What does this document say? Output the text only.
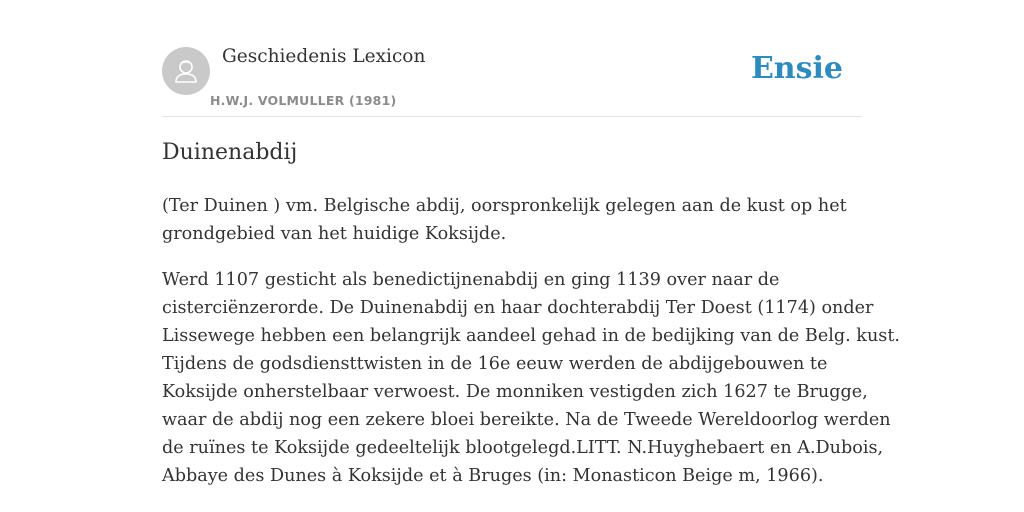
Geschiedenis Lexicon
H.W.J. VOLMULLER (1981)
Ensie
Duinenabdij

(Ter Duinen ) vm. Belgische abdij, oorspronkelijk gelegen aan de kust op het
grondgebied van het huidige Koksijde.

Werd 1107 gesticht als benedictijnenabdij en ging 1139 over naar de
cisterciënzerorde. De Duinenabdij en haar dochterabdij Ter Doest (1174) onder
Lissewege hebben een belangrijk aandeel gehad in de bedijking van de Belg. kust.
Tijdens de godsdiensttwisten in de 16e eeuw werden de abdijgebouwen te
Koksijde onherstelbaar verwoest. De monniken vestigden zich 1627 te Brugge,
waar de abdij nog een zekere bloei bereikte. Na de Tweede Wereldoorlog werden
de ruïnes te Koksijde gedeeltelijk blootgelegd.LITT. N.Huyghebaert en A.Dubois,
Abbaye des Dunes à Koksijde et à Bruges (in: Monasticon Beige m, 1966).
